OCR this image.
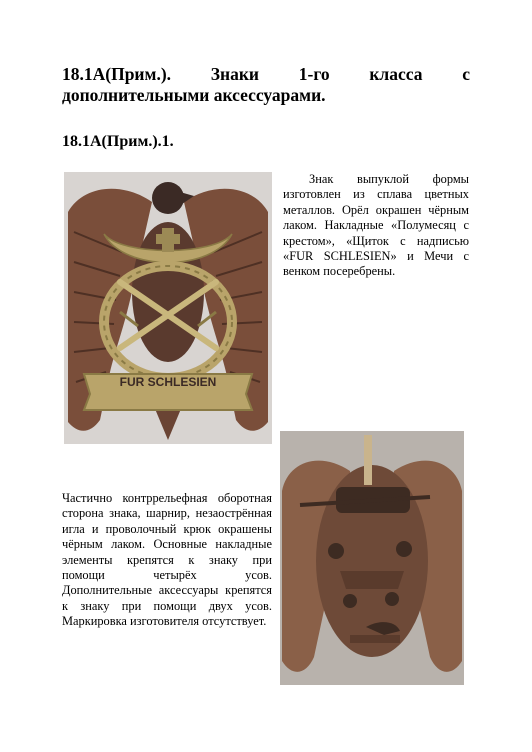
18.1А(Прим.). Знаки 1-го класса с дополнительными аксессуарами.
18.1А(Прим.).1.
FUR SCHLESIEN

Знак выпуклой формы изготовлен из сплава цветных металлов. Орёл окрашен чёрным лаком. Накладные «Полумесяц с крестом», «Щиток с надписью «FUR SCHLESIEN» и Мечи с венком посеребрены.

Частично контррельефная оборотная сторона знака, шарнир, незаострённая игла и проволочный крюк окрашены чёрным лаком. Основные накладные элементы крепятся к знаку при помощи четырёх усов. Дополнительные аксессуары крепятся к знаку при помощи двух усов. Маркировка изготовителя отсутствует.
